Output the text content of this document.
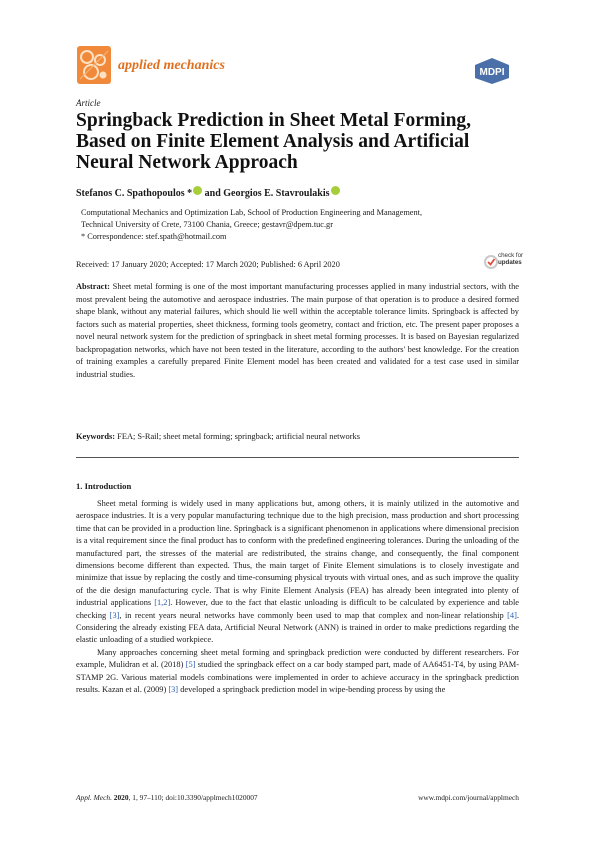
applied mechanics	MDPI
Article
Springback Prediction in Sheet Metal Forming, Based on Finite Element Analysis and Artificial Neural Network Approach
Stefanos C. Spathopoulos * and Georgios E. Stavroulakis
Computational Mechanics and Optimization Lab, School of Production Engineering and Management,
Technical University of Crete, 73100 Chania, Greece; gestavr@dpem.tuc.gr
* Correspondence: stef.spath@hotmail.com
Received: 17 January 2020; Accepted: 17 March 2020; Published: 6 April 2020
check for
updates
Abstract: Sheet metal forming is one of the most important manufacturing processes applied in many industrial sectors, with the most prevalent being the automotive and aerospace industries. The main purpose of that operation is to produce a desired formed shape blank, without any material failures, which should lie well within the acceptable tolerance limits. Springback is affected by factors such as material properties, sheet thickness, forming tools geometry, contact and friction, etc. The present paper proposes a novel neural network system for the prediction of springback in sheet metal forming processes. It is based on Bayesian regularized backpropagation networks, which have not been tested in the literature, according to the authors' best knowledge. For the creation of training examples a carefully prepared Finite Element model has been created and validated for a test case used in similar industrial studies.
Keywords: FEA; S-Rail; sheet metal forming; springback; artificial neural networks
1. Introduction

Sheet metal forming is widely used in many applications but, among others, it is mainly utilized in the automotive and aerospace industries. It is a very popular manufacturing technique due to the high precision, mass production and short processing time that can be provided in a production line. Springback is a significant phenomenon in applications where dimensional precision is a vital requirement since the final product has to conform with the predefined engineering tolerances. During the unloading of the manufactured part, the stresses of the material are redistributed, the strains change, and consequently, the final component dimensions become different than expected. Thus, the main target of Finite Element simulations is to closely investigate and minimize that issue by replacing the costly and time-consuming physical tryouts with virtual ones, and as such improve the quality of the die design manufacturing cycle. That is why Finite Element Analysis (FEA) has already been integrated into plenty of industrial applications [1,2]. However, due to the fact that elastic unloading is difficult to be calculated by experience and table checking [3], in recent years neural networks have commonly been used to map that complex and non-linear relationship [4]. Considering the already existing FEA data, Artificial Neural Network (ANN) is trained in order to make predictions regarding the elastic unloading of a studied workpiece.

Many approaches concerning sheet metal forming and springback prediction were conducted by different researchers. For example, Mulidran et al. (2018) [5] studied the springback effect on a car body stamped part, made of AA6451-T4, by using PAM-STAMP 2G. Various material models combinations were implemented in order to achieve accuracy in the springback prediction results. Kazan et al. (2009) [3] developed a springback prediction model in wipe-bending process by using the

Appl. Mech. 2020, 1, 97–110; doi:10.3390/applmech1020007	www.mdpi.com/journal/applmech
